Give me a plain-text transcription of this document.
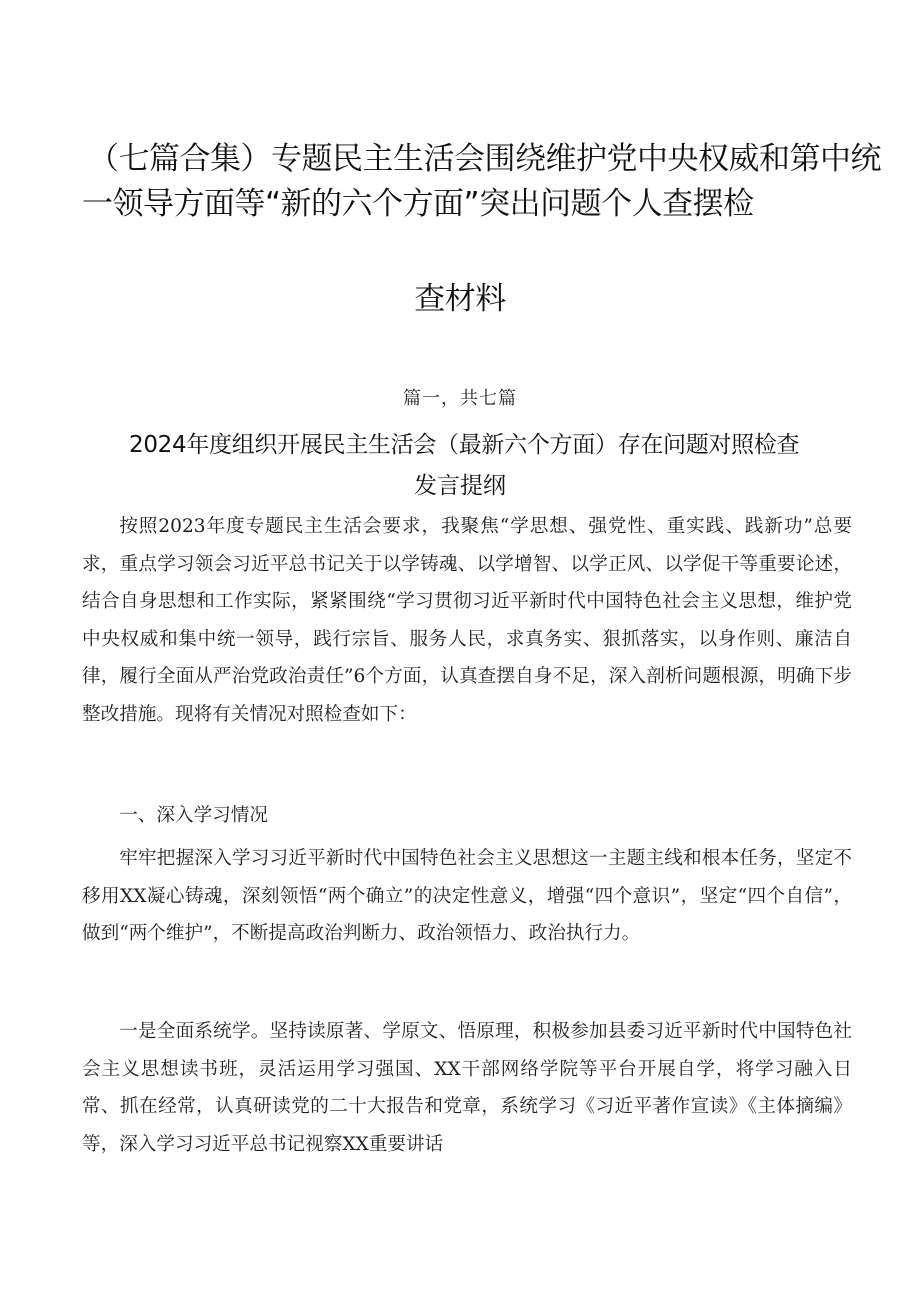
（七篇合集）专题民主生活会围绕维护党中央权威和第中统
一领导方面等“新的六个方面”突出问题个人查摆检
查材料
篇一，共七篇
2024年度组织开展民主生活会（最新六个方面）存在问题对照检查
发言提纲

按照2023年度专题民主生活会要求，我聚焦“学思想、强党性、重实践、践新功”总要求，重点学习领会习近平总书记关于以学铸魂、以学增智、以学正风、以学促干等重要论述，结合自身思想和工作实际，紧紧围绕“学习贯彻习近平新时代中国特色社会主义思想，维护党中央权威和集中统一领导，践行宗旨、服务人民，求真务实、狠抓落实，以身作则、廉洁自律，履行全面从严治党政治责任”6个方面，认真查摆自身不足，深入剖析问题根源，明确下步整改措施。现将有关情况对照检查如下：

一、深入学习情况

牢牢把握深入学习习近平新时代中国特色社会主义思想这一主题主线和根本任务，坚定不移用XX凝心铸魂，深刻领悟“两个确立”的决定性意义，增强“四个意识”，坚定“四个自信”，做到“两个维护”，不断提高政治判断力、政治领悟力、政治执行力。

一是全面系统学。坚持读原著、学原文、悟原理，积极参加县委习近平新时代中国特色社会主义思想读书班，灵活运用学习强国、XX干部网络学院等平台开展自学，将学习融入日常、抓在经常，认真研读党的二十大报告和党章，系统学习《习近平著作宣读》《主体摘编》等，深入学习习近平总书记视察XX重要讲话
